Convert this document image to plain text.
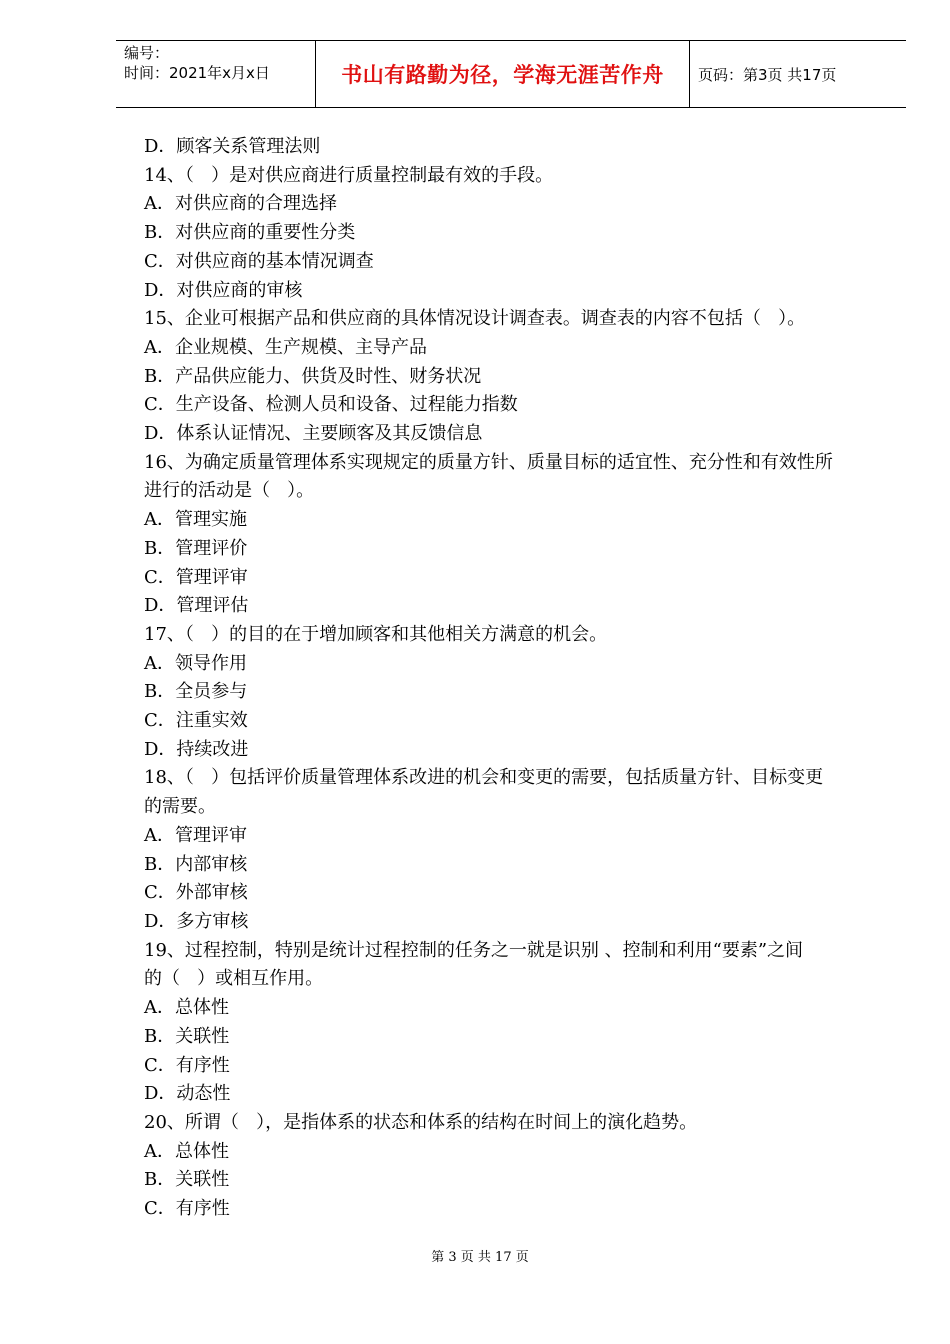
编号：
时间：2021年x月x日	书山有路勤为径，学海无涯苦作舟	页码：第3页 共17页
D．顾客关系管理法则
14、（   ）是对供应商进行质量控制最有效的手段。
A．对供应商的合理选择
B．对供应商的重要性分类
C．对供应商的基本情况调查
D．对供应商的审核
15、企业可根据产品和供应商的具体情况设计调查表。调查表的内容不包括（   ）。
A．企业规模、生产规模、主导产品
B．产品供应能力、供货及时性、财务状况
C．生产设备、检测人员和设备、过程能力指数
D．体系认证情况、主要顾客及其反馈信息
16、为确定质量管理体系实现规定的质量方针、质量目标的适宜性、充分性和有效性所
进行的活动是（   ）。
A．管理实施
B．管理评价
C．管理评审
D．管理评估
17、（   ）的目的在于增加顾客和其他相关方满意的机会。
A．领导作用
B．全员参与
C．注重实效
D．持续改进
18、（   ）包括评价质量管理体系改进的机会和变更的需要，包括质量方针、目标变更
的需要。
A．管理评审
B．内部审核
C．外部审核
D．多方审核
19、过程控制，特别是统计过程控制的任务之一就是识别 、控制和利用“要素”之间
的（   ）或相互作用。
A．总体性
B．关联性
C．有序性
D．动态性
20、所谓（   ），是指体系的状态和体系的结构在时间上的演化趋势。
A．总体性
B．关联性
C．有序性
第 3 页 共 17 页
